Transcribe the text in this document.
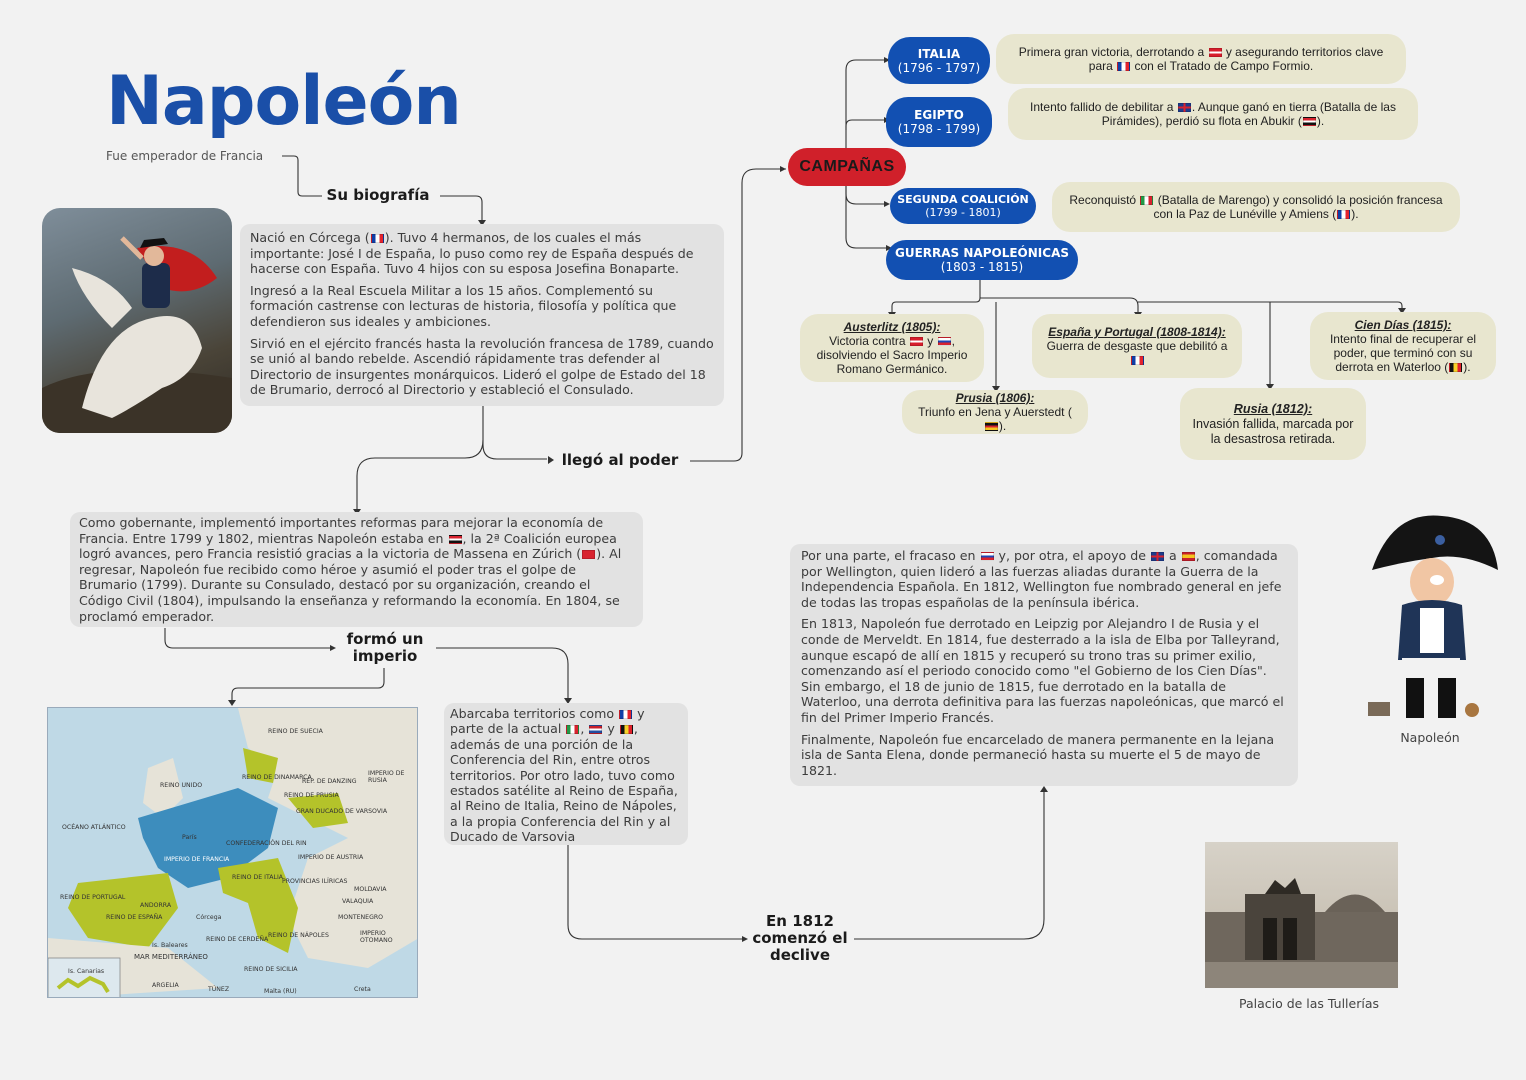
Napoleón
Fue emperador de Francia
Su biografía

Nació en Córcega ( ). Tuvo 4 hermanos, de los cuales el más importante: José I de España, lo puso como rey de España después de hacerse con España. Tuvo 4 hijos con su esposa Josefina Bonaparte.

Ingresó a la Real Escuela Militar a los 15 años. Complementó su formación castrense con lecturas de historia, filosofía y política que defendieron sus ideales y ambiciones.

Sirvió en el ejército francés hasta la revolución francesa de 1789, cuando se unió al bando rebelde. Ascendió rápidamente tras defender al Directorio de insurgentes monárquicos. Lideró el golpe de Estado del 18 de Brumario, derrocó al Directorio y estableció el Consulado.

llegó al poder
Como gobernante, implementó importantes reformas para mejorar la economía de Francia. Entre 1799 y 1802, mientras Napoleón estaba en , la 2ª Coalición europea logró avances, pero Francia resistió gracias a la victoria de Massena en Zúrich ( ). Al regresar, Napoleón fue recibido como héroe y asumió el poder tras el golpe de Brumario (1799). Durante su Consulado, destacó por su organización, creando el Código Civil (1804), impulsando la enseñanza y reformando la economía. En 1804, se proclamó emperador.
formó un imperio
REINO DE SUECIA
REINO UNIDO
REINO DE DINAMARCA
REP. DE DANZING
IMPERIO DE RUSIA
REINO DE PRUSIA
GRAN DUCADO DE VARSOVIA
OCÉANO ATLÁNTICO
París
IMPERIO DE FRANCIA
CONFEDERACIÓN DEL RIN
IMPERIO DE AUSTRIA
REINO DE PORTUGAL
REINO DE ESPAÑA
REINO DE ITALIA
PROVINCIAS ILÍRICAS
MOLDAVIA
VALAQUIA
MONTENEGRO
IMPERIO OTOMANO
REINO DE NÁPOLES
REINO DE CERDEÑA
MAR MEDITERRÁNEO
REINO DE SICILIA
Córcega
Is. Baleares
Is. Canarias
ARGELIA
TÚNEZ	Malta (RU)	Creta
ANDORRA
Abarcaba territorios como  y parte de la actual ,  y , además de una porción de la Conferencia del Rin, entre otros territorios. Por otro lado, tuvo como estados satélite al Reino de España, al Reino de Italia, Reino de Nápoles, a la propia Conferencia del Rin y al Ducado de Varsovia
En 1812 comenzó el declive

Por una parte, el fracaso en  y, por otra, el apoyo de  a , comandada por Wellington, quien lideró a las fuerzas aliadas durante la Guerra de la Independencia Española. En 1812, Wellington fue nombrado general en jefe de todas las tropas españolas de la península ibérica.

En 1813, Napoleón fue derrotado en Leipzig por Alejandro I de Rusia y el conde de Merveldt. En 1814, fue desterrado a la isla de Elba por Talleyrand, aunque escapó de allí en 1815 y recuperó su trono tras su primer exilio, comenzando así el periodo conocido como "el Gobierno de los Cien Días". Sin embargo, el 18 de junio de 1815, fue derrotado en la batalla de Waterloo, una derrota definitiva para las fuerzas napoleónicas, que marcó el fin del Primer Imperio Francés.

Finalmente, Napoleón fue encarcelado de manera permanente en la lejana isla de Santa Elena, donde permaneció hasta su muerte el 5 de mayo de 1821.

Napoleón
Palacio de las Tullerías
CAMPAÑAS
ITALIA
(1796 - 1797)
Primera gran victoria, derrotando a  y asegurando territorios clave para  con el Tratado de Campo Formio.
EGIPTO
(1798 - 1799)
Intento fallido de debilitar a . Aunque ganó en tierra (Batalla de las Pirámides), perdió su flota en Abukir ( ).
SEGUNDA COALICIÓN
(1799 - 1801)
Reconquistó  (Batalla de Marengo) y consolidó la posición francesa con la Paz de Lunéville y Amiens ( ).
GUERRAS NAPOLEÓNICAS
(1803 - 1815)
Austerlitz (1805):
Victoria contra  y , disolviendo el Sacro Imperio Romano Germánico.
España y Portugal (1808-1814):
Guerra de desgaste que debilitó a
Cien Días (1815):
Intento final de recuperar el poder, que terminó con su derrota en Waterloo ( ).
Prusia (1806):
Triunfo en Jena y Auerstedt ().
Rusia (1812):
Invasión fallida, marcada por la desastrosa retirada.
